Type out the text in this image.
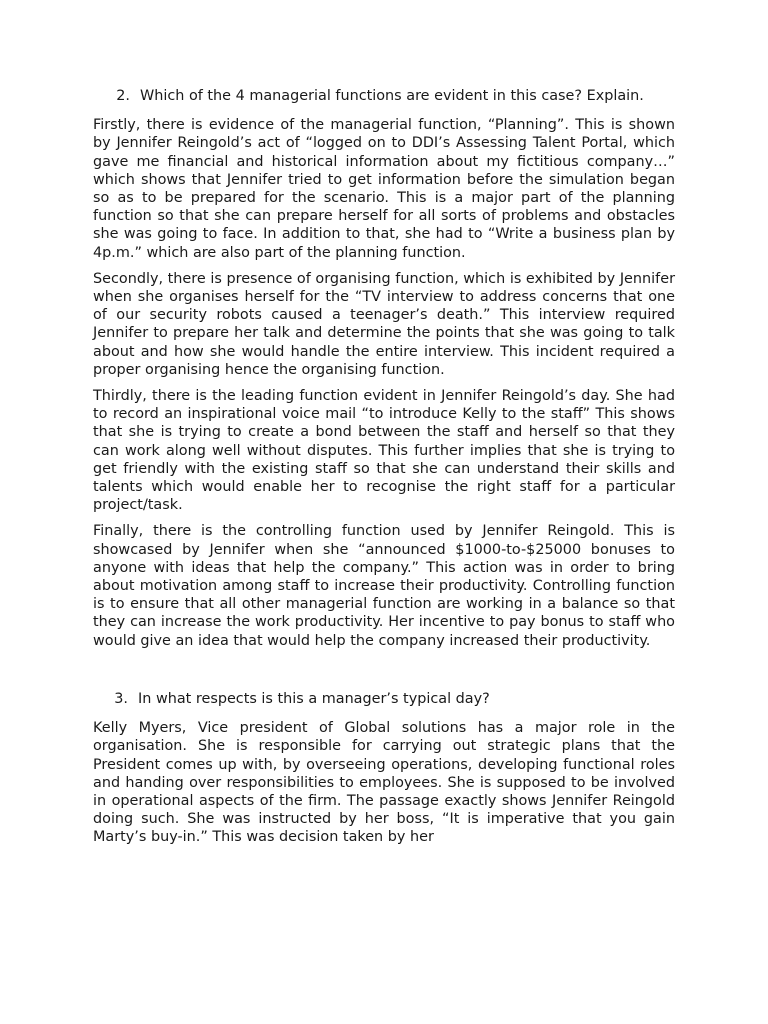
2. Which of the 4 managerial functions are evident in this case? Explain.

Firstly, there is evidence of the managerial function, “Planning”. This is shown by Jennifer Reingold’s act of “logged on to DDI’s Assessing Talent Portal, which gave me financial and historical information about my fictitious company…” which shows that Jennifer tried to get information before the simulation began so as to be prepared for the scenario. This is a major part of the planning function so that she can prepare herself for all sorts of problems and obstacles she was going to face. In addition to that, she had to “Write a business plan by 4p.m.” which are also part of the planning function.

Secondly, there is presence of organising function, which is exhibited by Jennifer when she organises herself for the “TV interview to address concerns that one of our security robots caused a teenager’s death.” This interview required Jennifer to prepare her talk and determine the points that she was going to talk about and how she would handle the entire interview. This incident required a proper organising hence the organising function.

Thirdly, there is the leading function evident in Jennifer Reingold’s day. She had to record an inspirational voice mail “to introduce Kelly to the staff” This shows that she is trying to create a bond between the staff and herself so that they can work along well without disputes. This further implies that she is trying to get friendly with the existing staff so that she can understand their skills and talents which would enable her to recognise the right staff for a particular project/task.

Finally, there is the controlling function used by Jennifer Reingold. This is showcased by Jennifer when she “announced $1000-to-$25000 bonuses to anyone with ideas that help the company.” This action was in order to bring about motivation among staff to increase their productivity. Controlling function is to ensure that all other managerial function are working in a balance so that they can increase the work productivity. Her incentive to pay bonus to staff who would give an idea that would help the company increased their productivity.

3. In what respects is this a manager’s typical day?

Kelly Myers, Vice president of Global solutions has a major role in the organisation. She is responsible for carrying out strategic plans that the President comes up with, by overseeing operations, developing functional roles and handing over responsibilities to employees. She is supposed to be involved in operational aspects of the firm. The passage exactly shows Jennifer Reingold doing such. She was instructed by her boss, “It is imperative that you gain Marty’s buy-in.” This was decision taken by her
